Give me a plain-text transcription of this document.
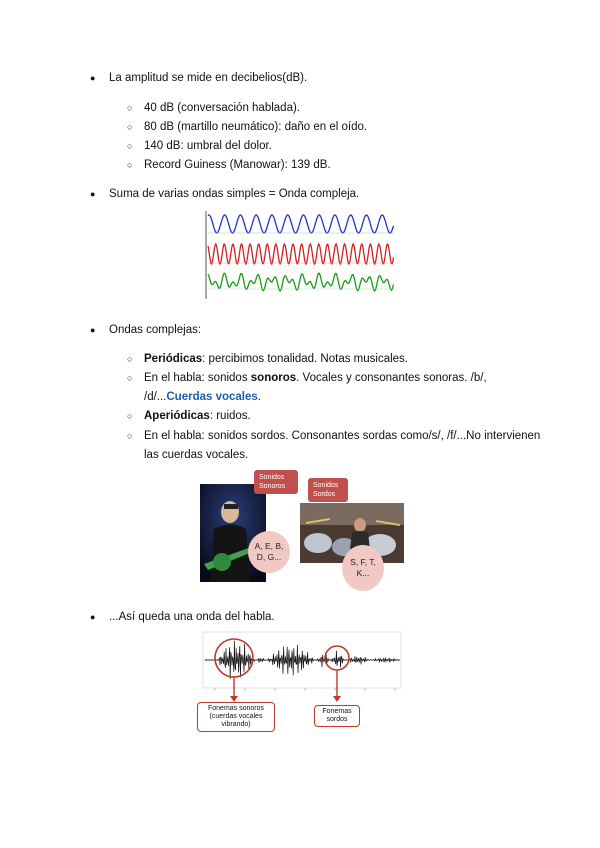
● La amplitud se mide en decibelios(dB).
○ 40 dB (conversación hablada).
○ 80 dB (martillo neumático): daño en el oído.
○ 140 dB: umbral del dolor.
○ Record Guiness (Manowar): 139 dB.
● Suma de varias ondas simples = Onda compleja.
● Ondas complejas:
○ Periódicas: percibimos tonalidad. Notas musicales.
○ En el habla: sonidos sonoros. Vocales y consonantes sonoras. /b/,
/d/...Cuerdas vocales.
○ Aperiódicas: ruidos.
○ En el habla: sonidos sordos. Consonantes sordas como/s/, /f/...No intervienen
las cuerdas vocales.
Sonidos Sonoros	Sonidos Sordos
A, E, B, D, G...	S, F, T, K...
● ...Así queda una onda del habla.
Fonemas sonoros (cuerdas vocales vibrando)
Fonemas sordos
